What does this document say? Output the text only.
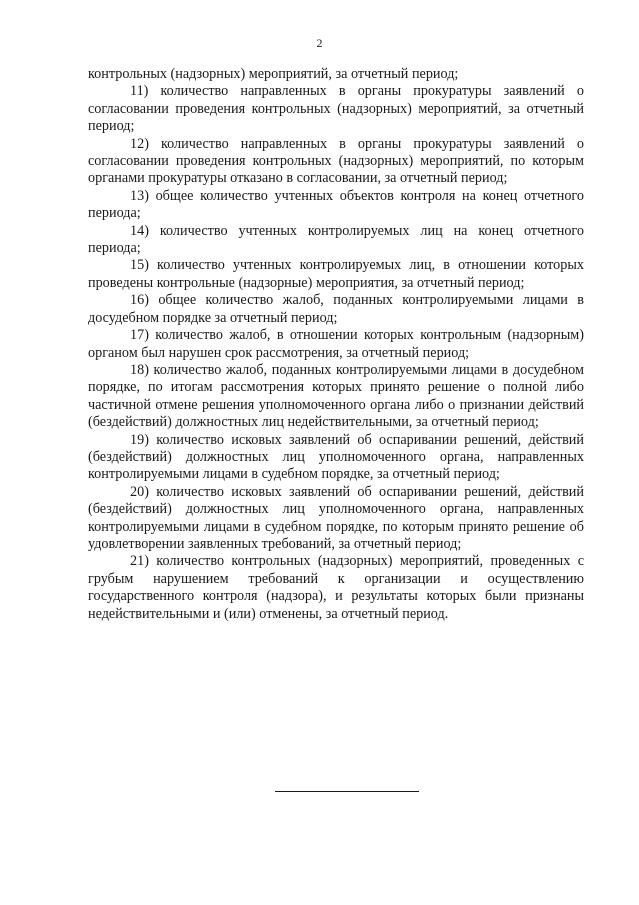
2

контрольных (надзорных) мероприятий, за отчетный период;

11) количество направленных в органы прокуратуры заявлений о согласовании проведения контрольных (надзорных) мероприятий, за отчетный период;

12) количество направленных в органы прокуратуры заявлений о согласовании проведения контрольных (надзорных) мероприятий, по которым органами прокуратуры отказано в согласовании, за отчетный период;

13) общее количество учтенных объектов контроля на конец отчетного периода;

14) количество учтенных контролируемых лиц на конец отчетного периода;

15) количество учтенных контролируемых лиц, в отношении которых проведены контрольные (надзорные) мероприятия, за отчетный период;

16) общее количество жалоб, поданных контролируемыми лицами в досудебном порядке за отчетный период;

17) количество жалоб, в отношении которых контрольным (надзорным) органом был нарушен срок рассмотрения, за отчетный период;

18) количество жалоб, поданных контролируемыми лицами в досудебном порядке, по итогам рассмотрения которых принято решение о полной либо частичной отмене решения уполномоченного органа либо о признании действий (бездействий) должностных лиц недействительными, за отчетный период;

19) количество исковых заявлений об оспаривании решений, действий (бездействий) должностных лиц уполномоченного органа, направленных контролируемыми лицами в судебном порядке, за отчетный период;

20) количество исковых заявлений об оспаривании решений, действий (бездействий) должностных лиц уполномоченного органа, направленных контролируемыми лицами в судебном порядке, по которым принято решение об удовлетворении заявленных требований, за отчетный период;

21) количество контрольных (надзорных) мероприятий, проведенных с грубым нарушением требований к организации и осуществлению государственного контроля (надзора), и результаты которых были признаны недействительными и (или) отменены, за отчетный период.
